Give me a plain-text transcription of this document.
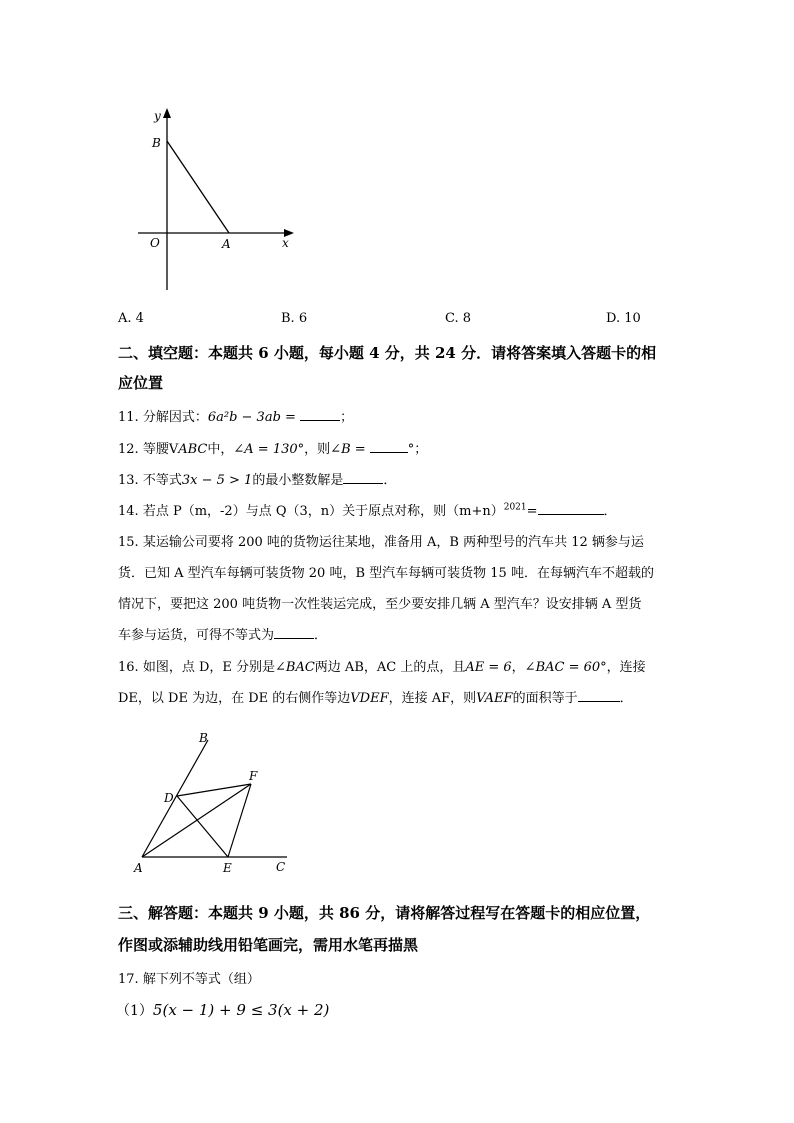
y
B
O	A	x
A. 4	B. 6	C. 8	D. 10
二、填空题：本题共 6 小题，每小题 4 分，共 24 分．请将答案填入答题卡的相
应位置
11. 分解因式：6a²b − 3ab =	；
12. 等腰VABC中，∠A = 130°，则∠B =	°；
13. 不等式3x − 5 > 1的最小整数解是	．
14. 若点 P（m，-2）与点 Q（3，n）关于原点对称，则$(m+n)^{2021}=$	．
15. 某运输公司要将 200 吨的货物运往某地，准备用 A，B 两种型号的汽车共 12 辆参与运
货．已知 A 型汽车每辆可装货物 20 吨，B 型汽车每辆可装货物 15 吨．在每辆汽车不超载的
情况下，要把这 200 吨货物一次性装运完成，至少要安排几辆 A 型汽车？设安排辆 A 型货
车参与运货，可得不等式为	．
16. 如图，点 D，E 分别是∠BAC两边 AB，AC 上的点，且AE = 6，∠BAC = 60°，连接
DE，以 DE 为边，在 DE 的右侧作等边VDEF，连接 AF，则VAEF的面积等于	．
B
F
D
A	E	C
三、解答题：本题共 9 小题，共 86 分，请将解答过程写在答题卡的相应位置，
作图或添辅助线用铅笔画完，需用水笔再描黑
17. 解下列不等式（组）
（1）5(x − 1) + 9 ≤ 3(x + 2)
